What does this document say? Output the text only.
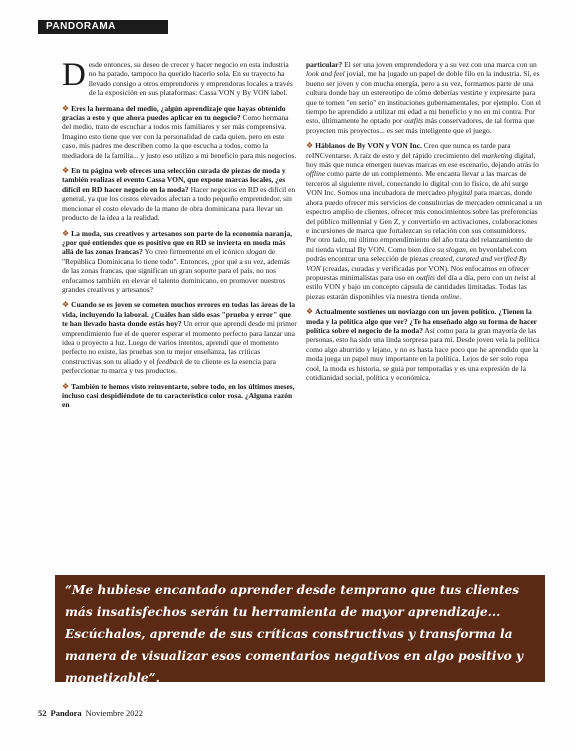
PANDORAMA

Desde entonces, su deseo de crecer y hacer negocio en esta industria no ha parado, tampoco ha querido hacerlo sola. En su trayecto ha llevado consigo a otros emprendores y emprendoras locales a través de la exposición en sus plataformas: Cassa VON y By VON label.

❖ Eres la hermana del medio, ¿algún aprendizaje que hayas obtenido gracias a esto y que ahora puedes aplicar en tu negocio? Como hermana del medio, trato de escuchar a todos mis familiares y ser más comprensiva. Imagino esto tiene que ver con la personalidad de cada quien, pero en este caso, mis padres me describen como la que escucha a todos, como la mediadora de la familia... y justo eso utilizo a mi beneficio para mis negocios.

❖ En tu página web ofreces una selección curada de piezas de moda y también realizas el evento Cassa VON, que expone marcas locales, ¿es difícil en RD hacer negocio en la moda? Hacer negocios en RD es difícil en general, ya que los costos elevados afectan a todo pequeño emprendedor, sin mencionar el costo elevado de la mano de obra dominicana para llevar un producto de la idea a la realidad.

❖ La moda, sus creativos y artesanos son parte de la economía naranja, ¿por qué entiendes que es positivo que en RD se invierta en moda más allá de las zonas francas? Yo creo firmemente en el icónico slogan de "República Dominicana lo tiene todo". Entonces, ¿por qué a su vez, además de las zonas francas, que significan un gran soporte para el país, no nos enfocamos también en elevar el talento dominicano, en promover nuestros grandes creativos y artesanos?

❖ Cuando se es joven se cometen muchos errores en todas las áreas de la vida, incluyendo la laboral. ¿Cuáles han sido esas "prueba y error" que te han llevado hasta donde estás hoy? Un error que aprendí desde mi primer emprendimiento fue el de querer esperar el momento perfecto para lanzar una idea o proyecto a luz. Luego de varios intentos, aprendí que el momento perfecto no existe, las pruebas son tu mejor enseñanza, las críticas constructivas son tu aliado y el feedback de tu cliente es la esencia para perfeccionar tu marca y tus productos.

❖ También te hemos visto reinventarte, sobre todo, en los últimos meses, incluso casi despidiéndote de tu característico color rosa. ¿Alguna razón en

particular? El ser una joven emprendedora y a su vez con una marca con un look and feel jovial, me ha jugado un papel de doble filo en la industria. Sí, es bueno ser joven y con mucha energía, pero a su vez, formamos parte de una cultura donde hay un estereotipo de cómo deberías vestirte y expresarte para que te tomen "en serio" en instituciones gubernamentales, por ejemplo. Con el tiempo he aprendido a utilizar mi edad a mi beneficio y no en mi contra. Por esto, últimamente he optado por outfits más conservadores, de tal forma que proyecten mis proyectos... es ser más inteligente que el juego.

❖ Háblanos de By VON y VON Inc. Creo que nunca es tarde para reINCventarse. A raíz de esto y del rápido crecimiento del marketing digital, hoy más que nunca emergen nuevas marcas en ese escenario, dejando atrás lo offline como parte de un complemento. Me encanta llevar a las marcas de terceros al siguiente nivel, conectando lo digital con lo físico, de ahí surge VON Inc. Somos una incubadora de mercadeo phygital para marcas, donde ahora puedo ofrecer mis servicios de consultorías de mercadeo omnicanal a un espectro amplio de clientes, ofrecer mis conocimientos sobre las preferencias del público millennial y Gen Z, y convertirlo en activaciones, colaboraciones e incursiones de marca que fortalezcan su relación con sus consumidores.

Por otro lado, mi último emprendimiento del año trata del relanzamiento de mi tienda virtual By VON. Como bien dice su slogan, en byvonlabel.com podrás encontrar una selección de piezas created, curated and verified By VON (creadas, curadas y verificadas por VON). Nos enfocamos en ofrecer propuestas minimalistas para uso en outfits del día a día, pero con un twist al estilo VON y bajo un concepto cápsula de cantidades limitadas. Todas las piezas estarán disponibles vía nuestra tienda online.

❖ Actualmente sostienes un noviazgo con un joven político. ¿Tienen la moda y la política algo que ver? ¿Te ha enseñado algo su forma de hacer política sobre el negocio de la moda? Así como para la gran mayoría de las personas, esto ha sido una linda sorpresa para mí. Desde joven veía la política como algo aburrido y lejano, y no es hasta hace poco que he aprendido que la moda juega un papel muy importante en la política. Lejos de ser solo ropa cool, la moda es historia, se guía por temporadas y es una expresión de la cotidianidad social, política y económica.

“Me hubiese encantado aprender desde temprano que tus clientes más insatisfechos serán tu herramienta de mayor aprendizaje... Escúchalos, aprende de sus críticas constructivas y transforma la manera de visualizar esos comentarios negativos en algo positivo y monetizable”.
52 Pandora Noviembre 2022
